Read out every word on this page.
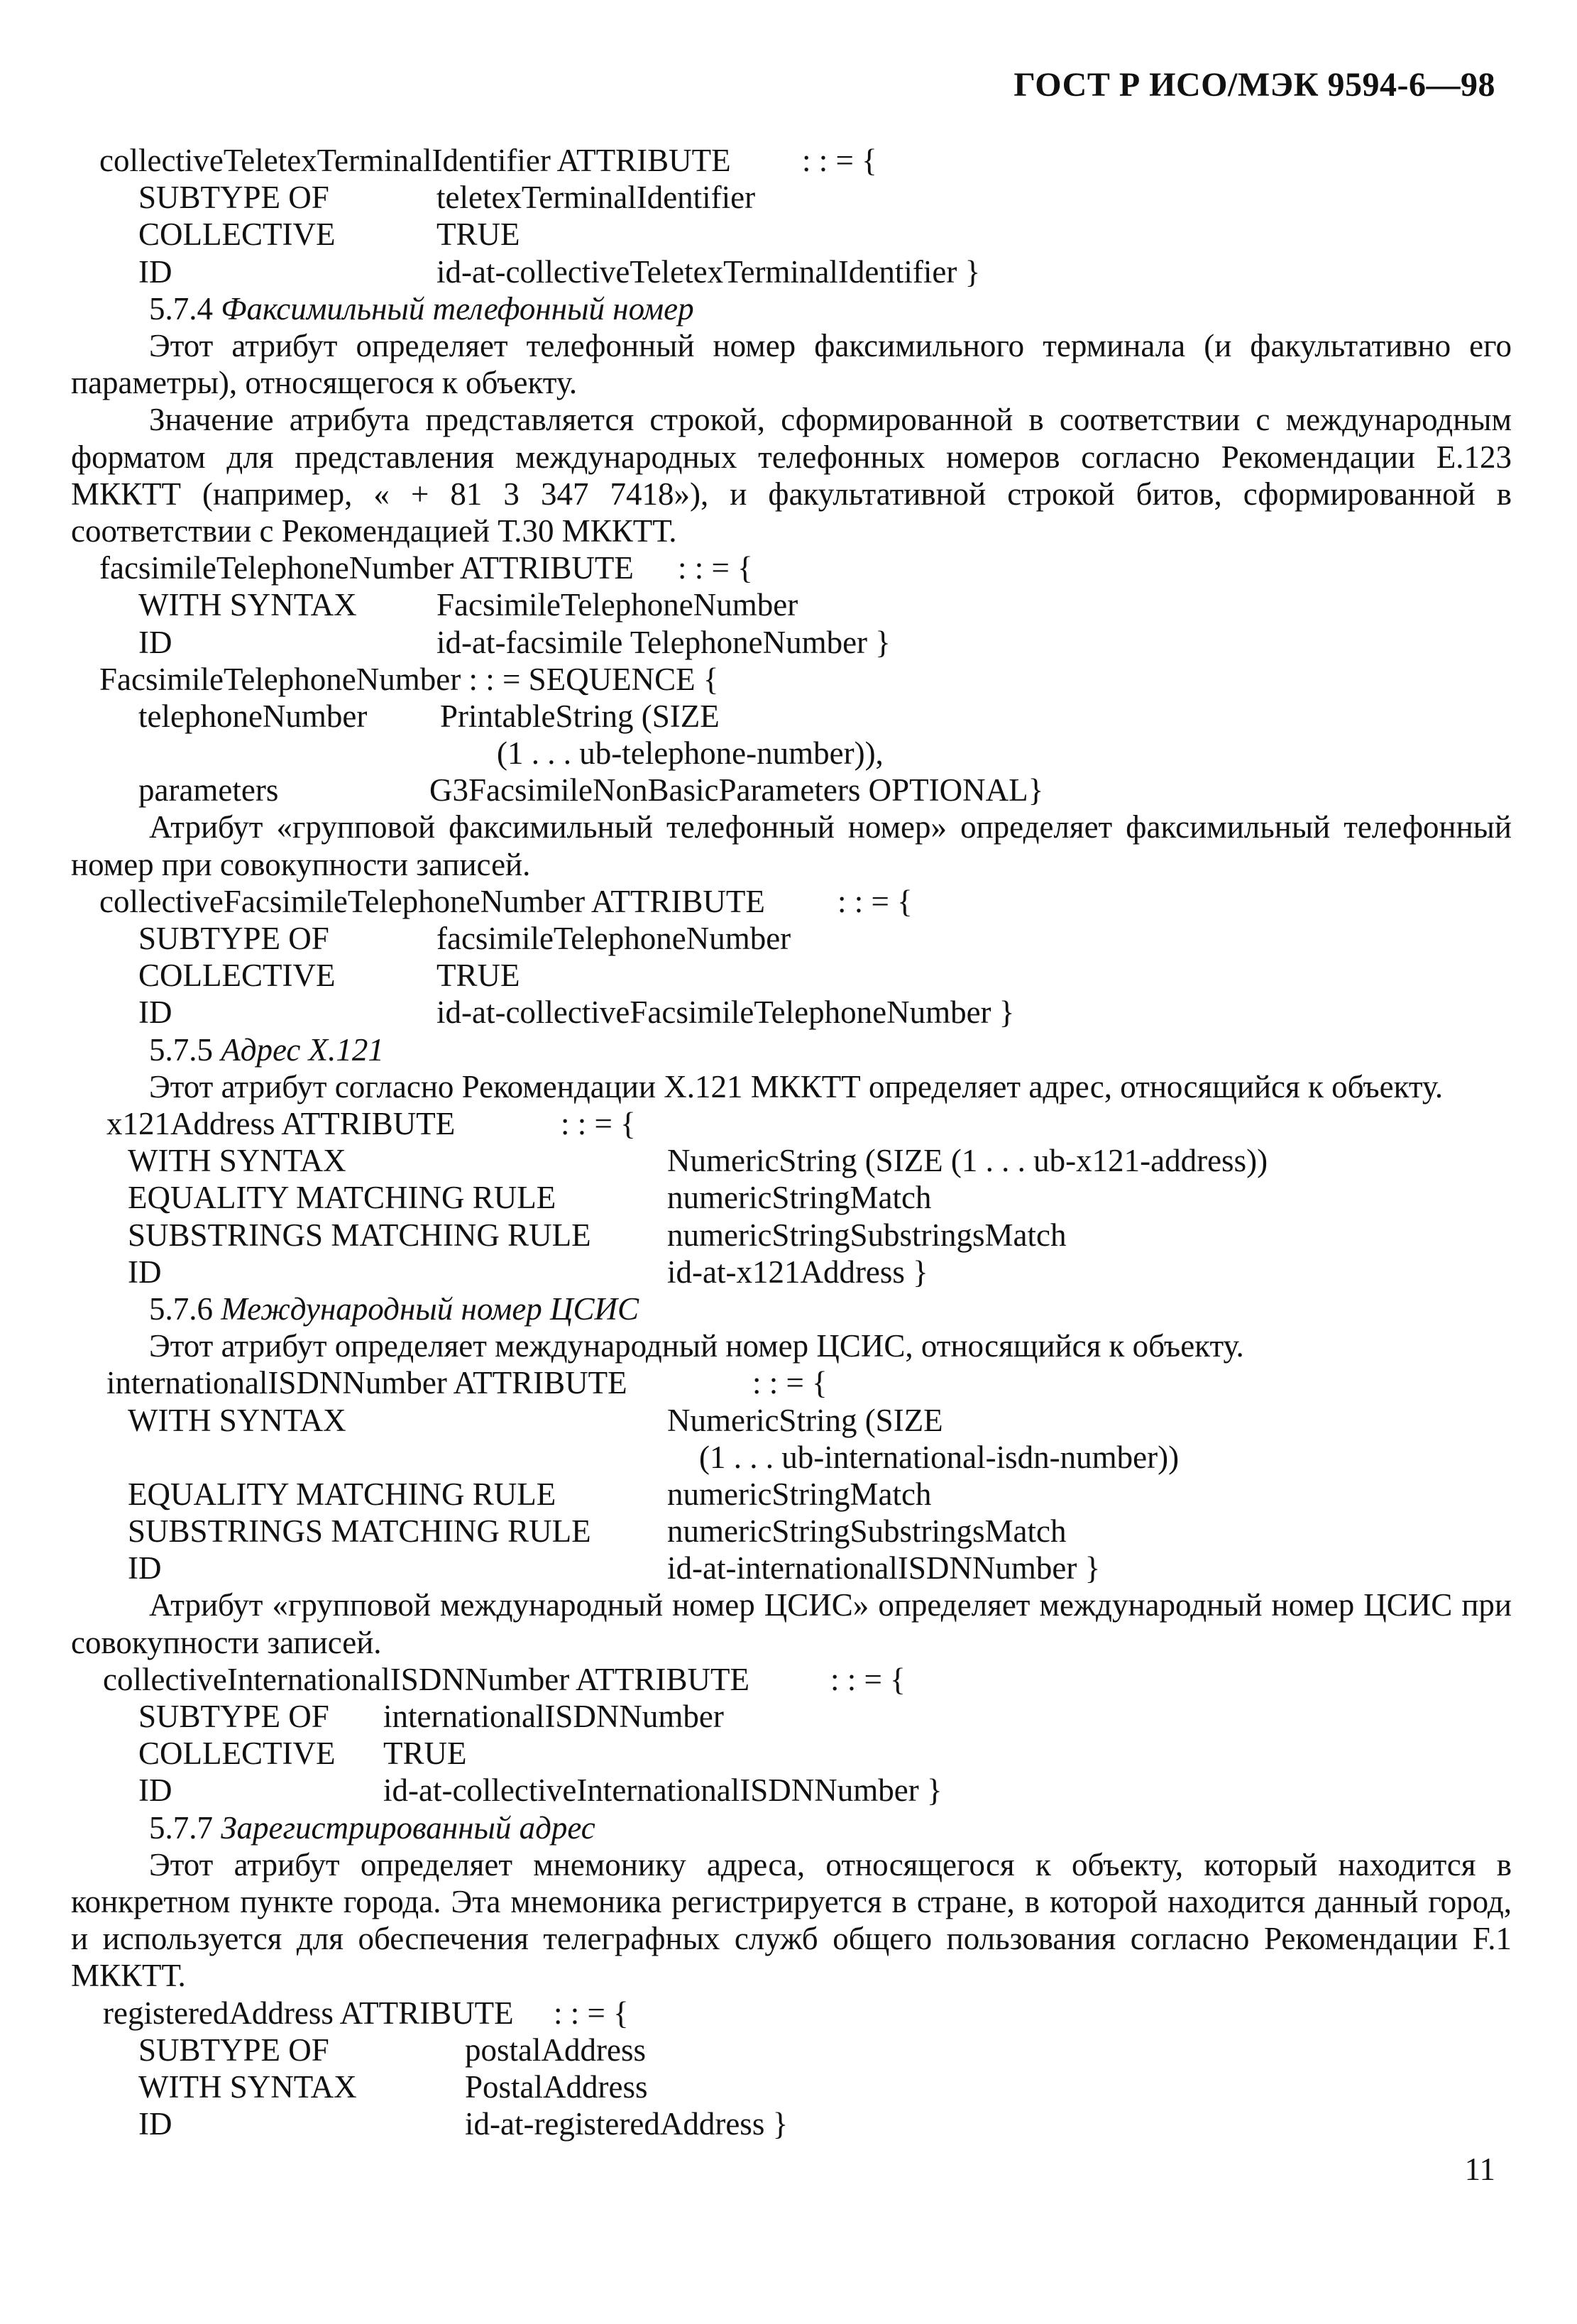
ГОСТ Р ИСО/МЭК 9594-6—98
collectiveTeletexTerminalIdentifier ATTRIBUTE : : = {
SUBTYPE OF	teletexTerminalIdentifier
COLLECTIVE	TRUE
ID	id-at-collectiveTeletexTerminalIdentifier }
5.7.4 Факсимильный телефонный номер

Этот атрибут определяет телефонный номер факсимильного терминала (и факультативно его параметры), относящегося к объекту.

Значение атрибута представляется строкой, сформированной в соответствии с международным форматом для представления международных телефонных номеров согласно Рекомендации Е.123 МККТТ (например, « + 81 3 347 7418»), и факультативной строкой битов, сформированной в соответствии с Рекомендацией Т.30 МККТТ.

facsimileTelephoneNumber ATTRIBUTE : : = {
WITH SYNTAX FacsimileTelephoneNumber
ID	id-at-facsimile TelephoneNumber }
FacsimileTelephoneNumber : : = SEQUENCE {
telephoneNumber PrintableString (SIZE
(1 . . . ub-telephone-number)),
parameters	G3FacsimileNonBasicParameters OPTIONAL}

Атрибут «групповой факсимильный телефонный номер» определяет факсимильный телефонный номер при совокупности записей.

collectiveFacsimileTelephoneNumber ATTRIBUTE : : = {
SUBTYPE OF	facsimileTelephoneNumber
COLLECTIVE	TRUE
ID	id-at-collectiveFacsimileTelephoneNumber }
5.7.5 Адрес X.121

Этот атрибут согласно Рекомендации X.121 МККТТ определяет адрес, относящийся к объекту.

x121Address ATTRIBUTE	: : = {
WITH SYNTAX	NumericString (SIZE (1 . . . ub-x121-address))
EQUALITY MATCHING RULE	numericStringMatch
SUBSTRINGS MATCHING RULE numericStringSubstringsMatch
ID	id-at-x121Address }
5.7.6 Международный номер ЦСИС

Этот атрибут определяет международный номер ЦСИС, относящийся к объекту.

internationalISDNNumber ATTRIBUTE	: : = {
WITH SYNTAX	NumericString (SIZE
(1 . . . ub-international-isdn-number))
EQUALITY MATCHING RULE	numericStringMatch
SUBSTRINGS MATCHING RULE numericStringSubstringsMatch
ID	id-at-internationalISDNNumber }

Атрибут «групповой международный номер ЦСИС» определяет международный номер ЦСИС при совокупности записей.

collectiveInternationalISDNNumber ATTRIBUTE	: : = {
SUBTYPE OF internationalISDNNumber
COLLECTIVE TRUE
ID	id-at-collectiveInternationalISDNNumber }
5.7.7 Зарегистрированный адрес

Этот атрибут определяет мнемонику адреса, относящегося к объекту, который находится в конкретном пункте города. Эта мнемоника регистрируется в стране, в которой находится данный город, и используется для обеспечения телеграфных служб общего пользования согласно Рекомендации F.1 МККТТ.

registeredAddress ATTRIBUTE : : = {
SUBTYPE OF	postalAddress
WITH SYNTAX	PostalAddress
ID	id-at-registeredAddress }
11
